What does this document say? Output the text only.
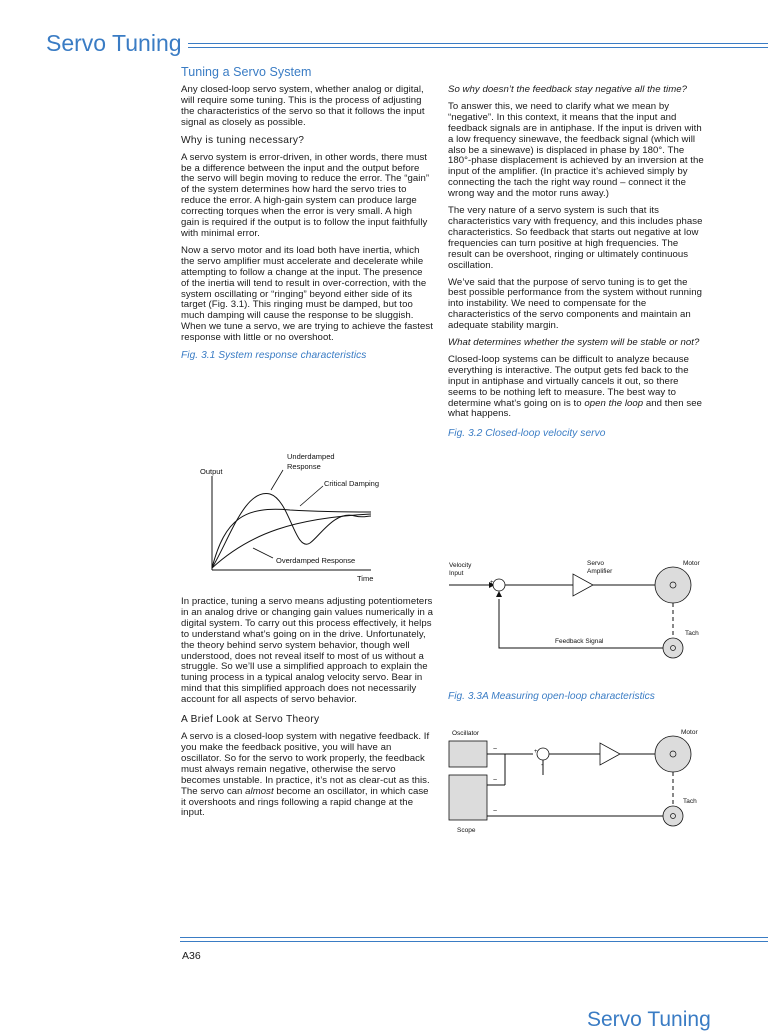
Servo Tuning
Tuning a Servo System

Any closed-loop servo system, whether analog or digital, will require some tuning. This is the process of adjusting the characteristics of the servo so that it follows the input signal as closely as possible.

Why is tuning necessary?

A servo system is error-driven, in other words, there must be a difference between the input and the output before the servo will begin moving to reduce the error. The “gain” of the system determines how hard the servo tries to reduce the error. A high-gain system can produce large correcting torques when the error is very small. A high gain is required if the output is to follow the input faithfully with minimal error.

Now a servo motor and its load both have inertia, which the servo amplifier must accelerate and decelerate while attempting to follow a change at the input. The presence of the inertia will tend to result in over-correction, with the system oscillating or “ringing” beyond either side of its target (Fig. 3.1). This ringing must be damped, but too much damping will cause the response to be sluggish. When we tune a servo, we are trying to achieve the fastest response with little or no overshoot.

Fig. 3.1 System response characteristics
Output
Underdamped
Response
Critical Damping
Overdamped Response
Time

In practice, tuning a servo means adjusting potentiometers in an analog drive or changing gain values numerically in a digital system. To carry out this process effectively, it helps to understand what’s going on in the drive. Unfortunately, the theory behind servo system behavior, though well understood, does not reveal itself to most of us without a struggle. So we’ll use a simplified approach to explain the tuning process in a typical analog velocity servo. Bear in mind that this simplified approach does not necessarily account for all aspects of servo behavior.

A Brief Look at Servo Theory

A servo is a closed-loop system with negative feedback. If you make the feedback positive, you will have an oscillator. So for the servo to work properly, the feedback must always remain negative, otherwise the servo becomes unstable. In practice, it’s not as clear-cut as this. The servo can almost become an oscillator, in which case it overshoots and rings following a rapid change at the input.

So why doesn’t the feedback stay negative all the time?

To answer this, we need to clarify what we mean by “negative”. In this context, it means that the input and feedback signals are in antiphase. If the input is driven with a low frequency sinewave, the feedback signal (which will also be a sinewave) is displaced in phase by 180°. The 180°-phase displacement is achieved by an inversion at the input of the amplifier. (In practice it’s achieved simply by connecting the tach the right way round – connect it the wrong way and the motor runs away.)

The very nature of a servo system is such that its characteristics vary with frequency, and this includes phase characteristics. So feedback that starts out negative at low frequencies can turn positive at high frequencies. The result can be overshoot, ringing or ultimately continuous oscillation.

We’ve said that the purpose of servo tuning is to get the best possible performance from the system without running into instability. We need to compensate for the characteristics of the servo components and maintain an adequate stability margin.

What determines whether the system will be stable or not?

Closed-loop systems can be difficult to analyze because everything is interactive. The output gets fed back to the input in antiphase and virtually cancels it out, so there seems to be nothing left to measure. The best way to determine what’s going on is to open the loop and then see what happens.

Fig. 3.2 Closed-loop velocity servo
Velocity
Input
+
Servo
Amplifier
Motor
Tach
Feedback Signal
Fig. 3.3A Measuring open-loop characteristics
Oscillator
~
~
+
-
Motor
Tach
~
Scope
A36
Servo Tuning
